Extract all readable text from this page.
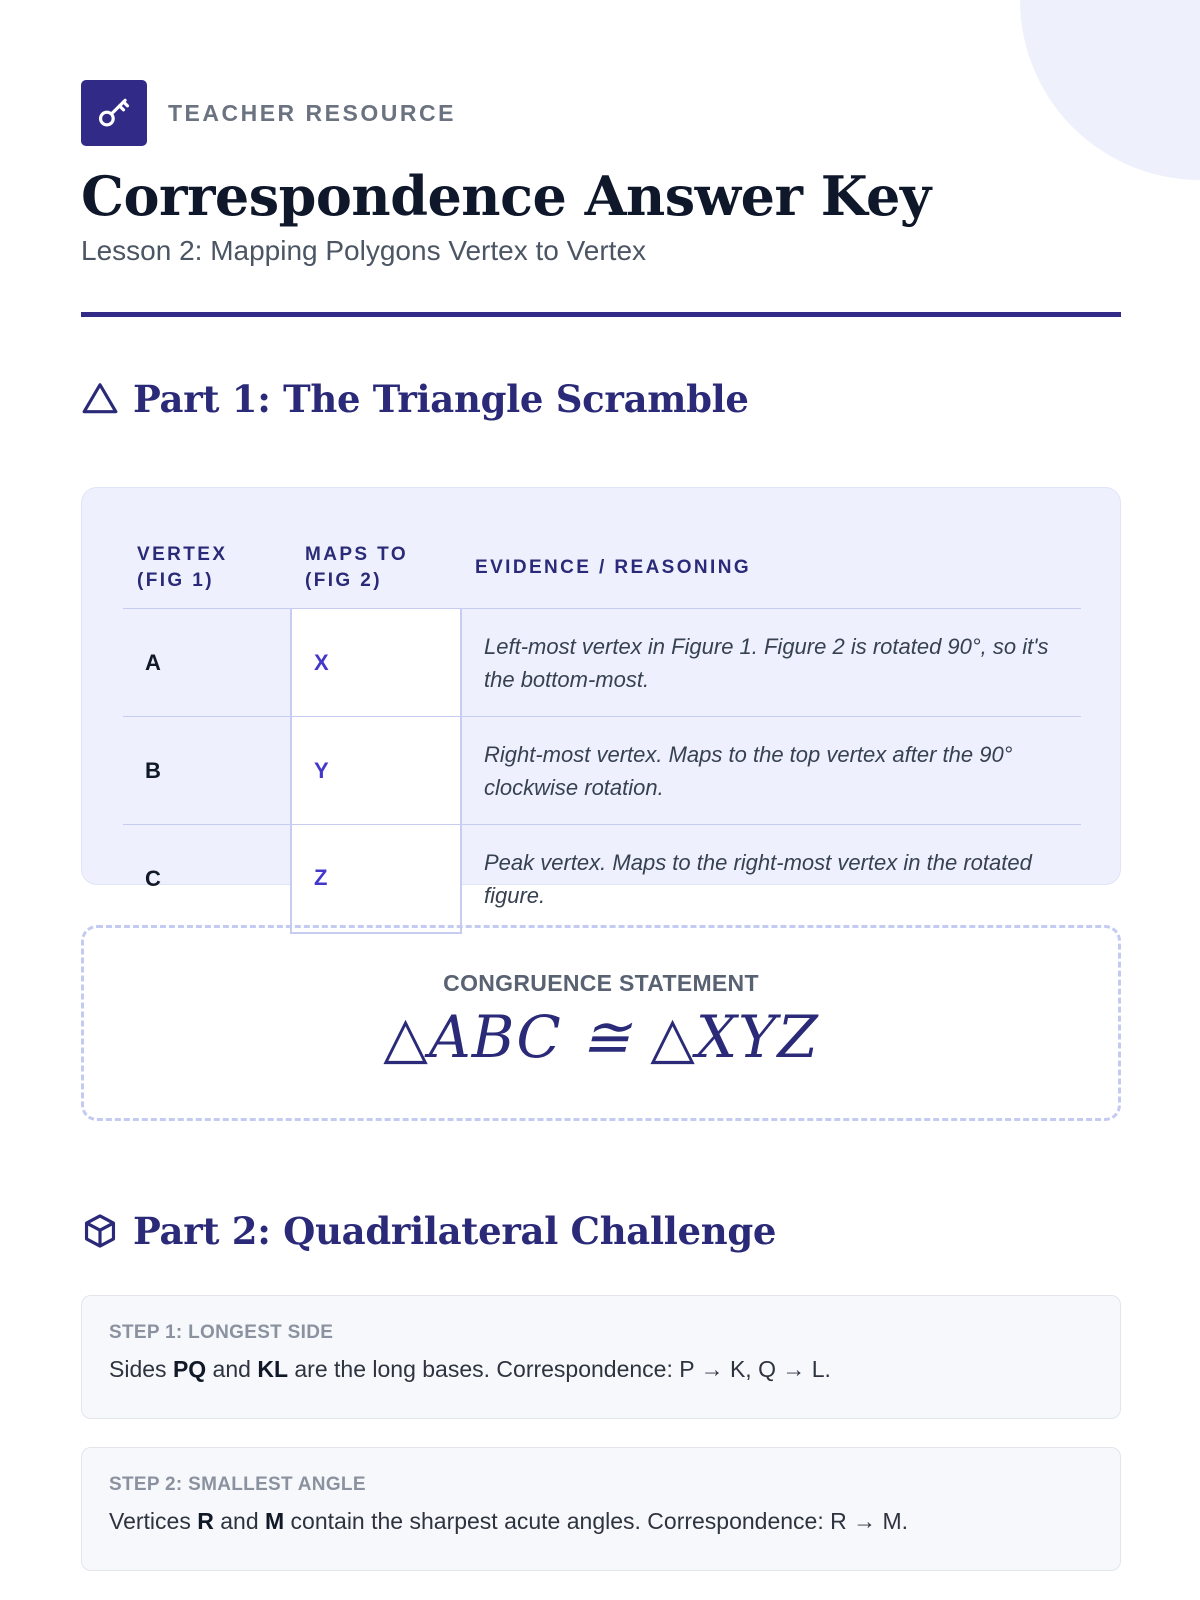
TEACHER RESOURCE
Correspondence Answer Key
Lesson 2: Mapping Polygons Vertex to Vertex
Part 1: The Triangle Scramble
VERTEX (FIG 1)	MAPS TO (FIG 2)	EVIDENCE / REASONING
A	X	Left-most vertex in Figure 1. Figure 2 is rotated 90°, so it's the bottom-most.
B	Y	Right-most vertex. Maps to the top vertex after the 90° clockwise rotation.
C	Z	Peak vertex. Maps to the right-most vertex in the rotated figure.
CONGRUENCE STATEMENT
△ABC ≅ △XYZ
Part 2: Quadrilateral Challenge
STEP 1: LONGEST SIDE
Sides PQ and KL are the long bases. Correspondence: P → K, Q → L.
STEP 2: SMALLEST ANGLE
Vertices R and M contain the sharpest acute angles. Correspondence: R → M.
